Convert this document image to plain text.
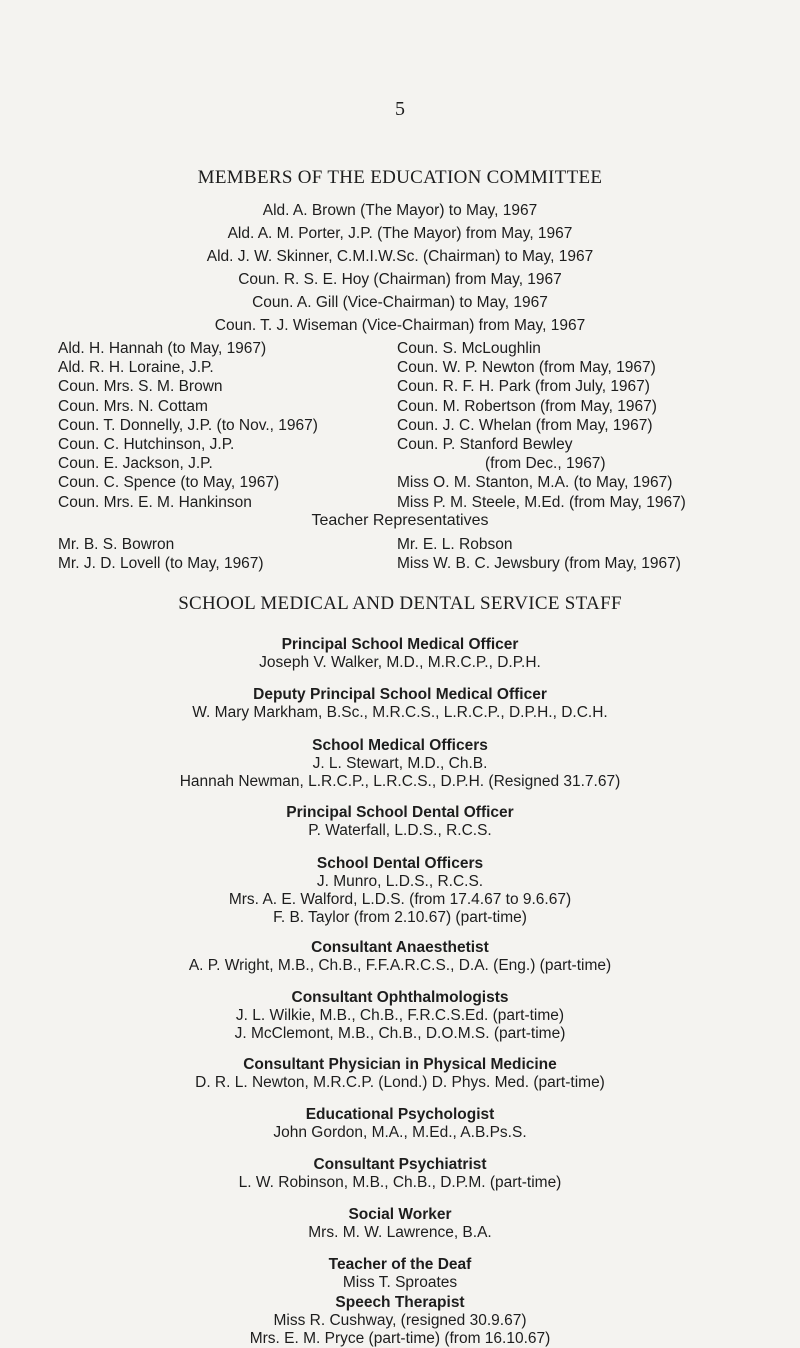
5
MEMBERS OF THE EDUCATION COMMITTEE
Ald. A. Brown (The Mayor) to May, 1967
Ald. A. M. Porter, J.P. (The Mayor) from May, 1967
Ald. J. W. Skinner, C.M.I.W.Sc. (Chairman) to May, 1967
Coun. R. S. E. Hoy (Chairman) from May, 1967
Coun. A. Gill (Vice-Chairman) to May, 1967
Coun. T. J. Wiseman (Vice-Chairman) from May, 1967
Ald. H. Hannah (to May, 1967)
Ald. R. H. Loraine, J.P.
Coun. Mrs. S. M. Brown
Coun. Mrs. N. Cottam
Coun. T. Donnelly, J.P. (to Nov., 1967)
Coun. C. Hutchinson, J.P.
Coun. E. Jackson, J.P.
Coun. C. Spence (to May, 1967)
Coun. Mrs. E. M. Hankinson
Coun. S. McLoughlin
Coun. W. P. Newton (from May, 1967)
Coun. R. F. H. Park (from July, 1967)
Coun. M. Robertson (from May, 1967)
Coun. J. C. Whelan (from May, 1967)
Coun. P. Stanford Bewley
(from Dec., 1967)
Miss O. M. Stanton, M.A. (to May, 1967)
Miss P. M. Steele, M.Ed. (from May, 1967)
Teacher Representatives
Mr. B. S. Bowron
Mr. J. D. Lovell (to May, 1967)
Mr. E. L. Robson
Miss W. B. C. Jewsbury (from May, 1967)
SCHOOL MEDICAL AND DENTAL SERVICE STAFF
Principal School Medical Officer
Joseph V. Walker, M.D., M.R.C.P., D.P.H.
Deputy Principal School Medical Officer
W. Mary Markham, B.Sc., M.R.C.S., L.R.C.P., D.P.H., D.C.H.
School Medical Officers
J. L. Stewart, M.D., Ch.B.
Hannah Newman, L.R.C.P., L.R.C.S., D.P.H. (Resigned 31.7.67)
Principal School Dental Officer
P. Waterfall, L.D.S., R.C.S.
School Dental Officers
J. Munro, L.D.S., R.C.S.
Mrs. A. E. Walford, L.D.S. (from 17.4.67 to 9.6.67)
F. B. Taylor (from 2.10.67) (part-time)
Consultant Anaesthetist
A. P. Wright, M.B., Ch.B., F.F.A.R.C.S., D.A. (Eng.) (part-time)
Consultant Ophthalmologists
J. L. Wilkie, M.B., Ch.B., F.R.C.S.Ed. (part-time)
J. McClemont, M.B., Ch.B., D.O.M.S. (part-time)
Consultant Physician in Physical Medicine
D. R. L. Newton, M.R.C.P. (Lond.) D. Phys. Med. (part-time)
Educational Psychologist
John Gordon, M.A., M.Ed., A.B.Ps.S.
Consultant Psychiatrist
L. W. Robinson, M.B., Ch.B., D.P.M. (part-time)
Social Worker
Mrs. M. W. Lawrence, B.A.
Teacher of the Deaf
Miss T. Sproates
Speech Therapist
Miss R. Cushway, (resigned 30.9.67)
Mrs. E. M. Pryce (part-time) (from 16.10.67)
